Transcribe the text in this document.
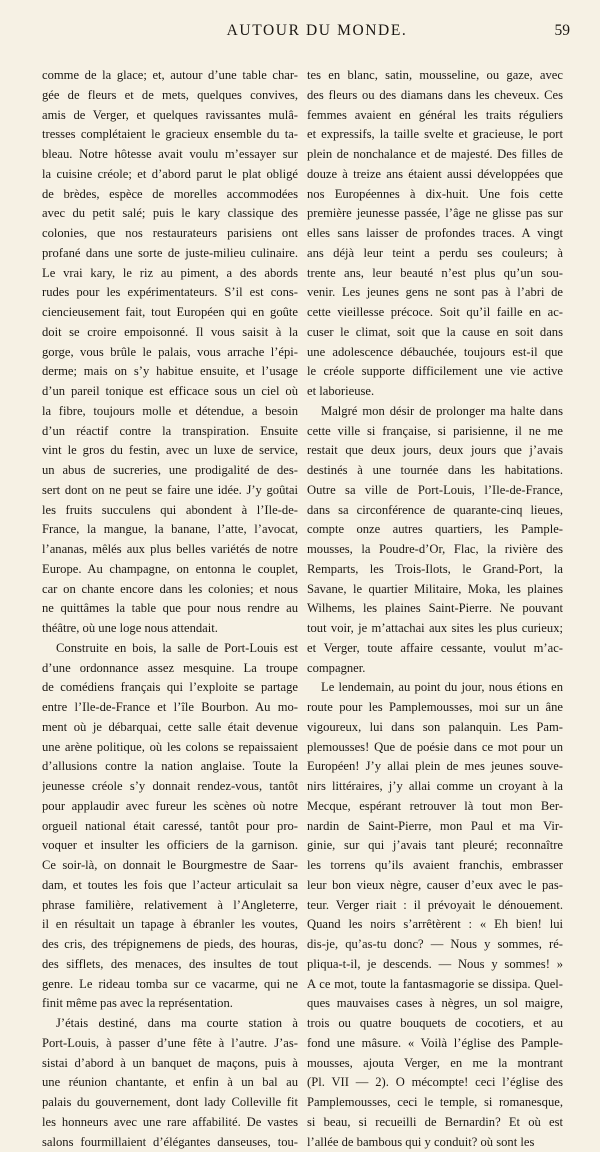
AUTOUR DU MONDE.	59
comme de la glace; et, autour d’une table char-
gée de fleurs et de mets, quelques convives,
amis de Verger, et quelques ravissantes mulâ-
tresses complétaient le gracieux ensemble du ta-
bleau. Notre hôtesse avait voulu m’essayer sur
la cuisine créole; et d’abord parut le plat obligé
de brèdes, espèce de morelles accommodées
avec du petit salé; puis le kary classique des
colonies, que nos restaurateurs parisiens ont
profané dans une sorte de juste-milieu culinaire.
Le vrai kary, le riz au piment, a des abords
rudes pour les expérimentateurs. S’il est cons-
ciencieusement fait, tout Européen qui en goûte
doit se croire empoisonné. Il vous saisit à la
gorge, vous brûle le palais, vous arrache l’épi-
derme; mais on s’y habitue ensuite, et l’usage
d’un pareil tonique est efficace sous un ciel où
la fibre, toujours molle et détendue, a besoin
d’un réactif contre la transpiration. Ensuite
vint le gros du festin, avec un luxe de service,
un abus de sucreries, une prodigalité de des-
sert dont on ne peut se faire une idée. J’y goûtai
les fruits succulens qui abondent à l’Ile-de-
France, la mangue, la banane, l’atte, l’avocat,
l’ananas, mêlés aux plus belles variétés de notre
Europe. Au champagne, on entonna le couplet,
car on chante encore dans les colonies; et nous
ne quittâmes la table que pour nous rendre au
théâtre, où une loge nous attendait.
Construite en bois, la salle de Port-Louis est
d’une ordonnance assez mesquine. La troupe
de comédiens français qui l’exploite se partage
entre l’Ile-de-France et l’île Bourbon. Au mo-
ment où je débarquai, cette salle était devenue
une arène politique, où les colons se repaissaient
d’allusions contre la nation anglaise. Toute la
jeunesse créole s’y donnait rendez-vous, tantôt
pour applaudir avec fureur les scènes où notre
orgueil national était caressé, tantôt pour pro-
voquer et insulter les officiers de la garnison.
Ce soir-là, on donnait le Bourgmestre de Saar-
dam, et toutes les fois que l’acteur articulait sa
phrase familière, relativement à l’Angleterre,
il en résultait un tapage à ébranler les voutes,
des cris, des trépignemens de pieds, des houras,
des sifflets, des menaces, des insultes de tout
genre. Le rideau tomba sur ce vacarme, qui ne
finit même pas avec la représentation.
J’étais destiné, dans ma courte station à
Port-Louis, à passer d’une fête à l’autre. J’as-
sistai d’abord à un banquet de maçons, puis à
une réunion chantante, et enfin à un bal au
palais du gouvernement, dont lady Colleville fit
les honneurs avec une rare affabilité. De vastes
salons fourmillaient d’élégantes danseuses, tou-
tes en blanc, satin, mousseline, ou gaze, avec
des fleurs ou des diamans dans les cheveux. Ces
femmes avaient en général les traits réguliers
et expressifs, la taille svelte et gracieuse, le port
plein de nonchalance et de majesté. Des filles de
douze à treize ans étaient aussi développées que
nos Européennes à dix-huit. Une fois cette
première jeunesse passée, l’âge ne glisse pas sur
elles sans laisser de profondes traces. A vingt
ans déjà leur teint a perdu ses couleurs; à
trente ans, leur beauté n’est plus qu’un sou-
venir. Les jeunes gens ne sont pas à l’abri de
cette vieillesse précoce. Soit qu’il faille en ac-
cuser le climat, soit que la cause en soit dans
une adolescence débauchée, toujours est-il que
le créole supporte difficilement une vie active
et laborieuse.
Malgré mon désir de prolonger ma halte dans
cette ville si française, si parisienne, il ne me
restait que deux jours, deux jours que j’avais
destinés à une tournée dans les habitations.
Outre sa ville de Port-Louis, l’Ile-de-France,
dans sa circonférence de quarante-cinq lieues,
compte onze autres quartiers, les Pample-
mousses, la Poudre-d’Or, Flac, la rivière des
Remparts, les Trois-Ilots, le Grand-Port, la
Savane, le quartier Militaire, Moka, les plaines
Wilhems, les plaines Saint-Pierre. Ne pouvant
tout voir, je m’attachai aux sites les plus curieux;
et Verger, toute affaire cessante, voulut m’ac-
compagner.
Le lendemain, au point du jour, nous étions en
route pour les Pamplemousses, moi sur un âne
vigoureux, lui dans son palanquin. Les Pam-
plemousses! Que de poésie dans ce mot pour un
Européen! J’y allai plein de mes jeunes souve-
nirs littéraires, j’y allai comme un croyant à la
Mecque, espérant retrouver là tout mon Ber-
nardin de Saint-Pierre, mon Paul et ma Vir-
ginie, sur qui j’avais tant pleuré; reconnaître
les torrens qu’ils avaient franchis, embrasser
leur bon vieux nègre, causer d’eux avec le pas-
teur. Verger riait : il prévoyait le dénouement.
Quand les noirs s’arrêtèrent : « Eh bien! lui
dis-je, qu’as-tu donc? — Nous y sommes, ré-
pliqua-t-il, je descends. — Nous y sommes! »
A ce mot, toute la fantasmagorie se dissipa. Quel-
ques mauvaises cases à nègres, un sol maigre,
trois ou quatre bouquets de cocotiers, et au
fond une mâsure. « Voilà l’église des Pample-
mousses, ajouta Verger, en me la montrant
(Pl. VII — 2). O mécompte! ceci l’église des
Pamplemousses, ceci le temple, si romanesque,
si beau, si recueilli de Bernardin? Et où est
l’allée de bambous qui y conduit? où sont les
